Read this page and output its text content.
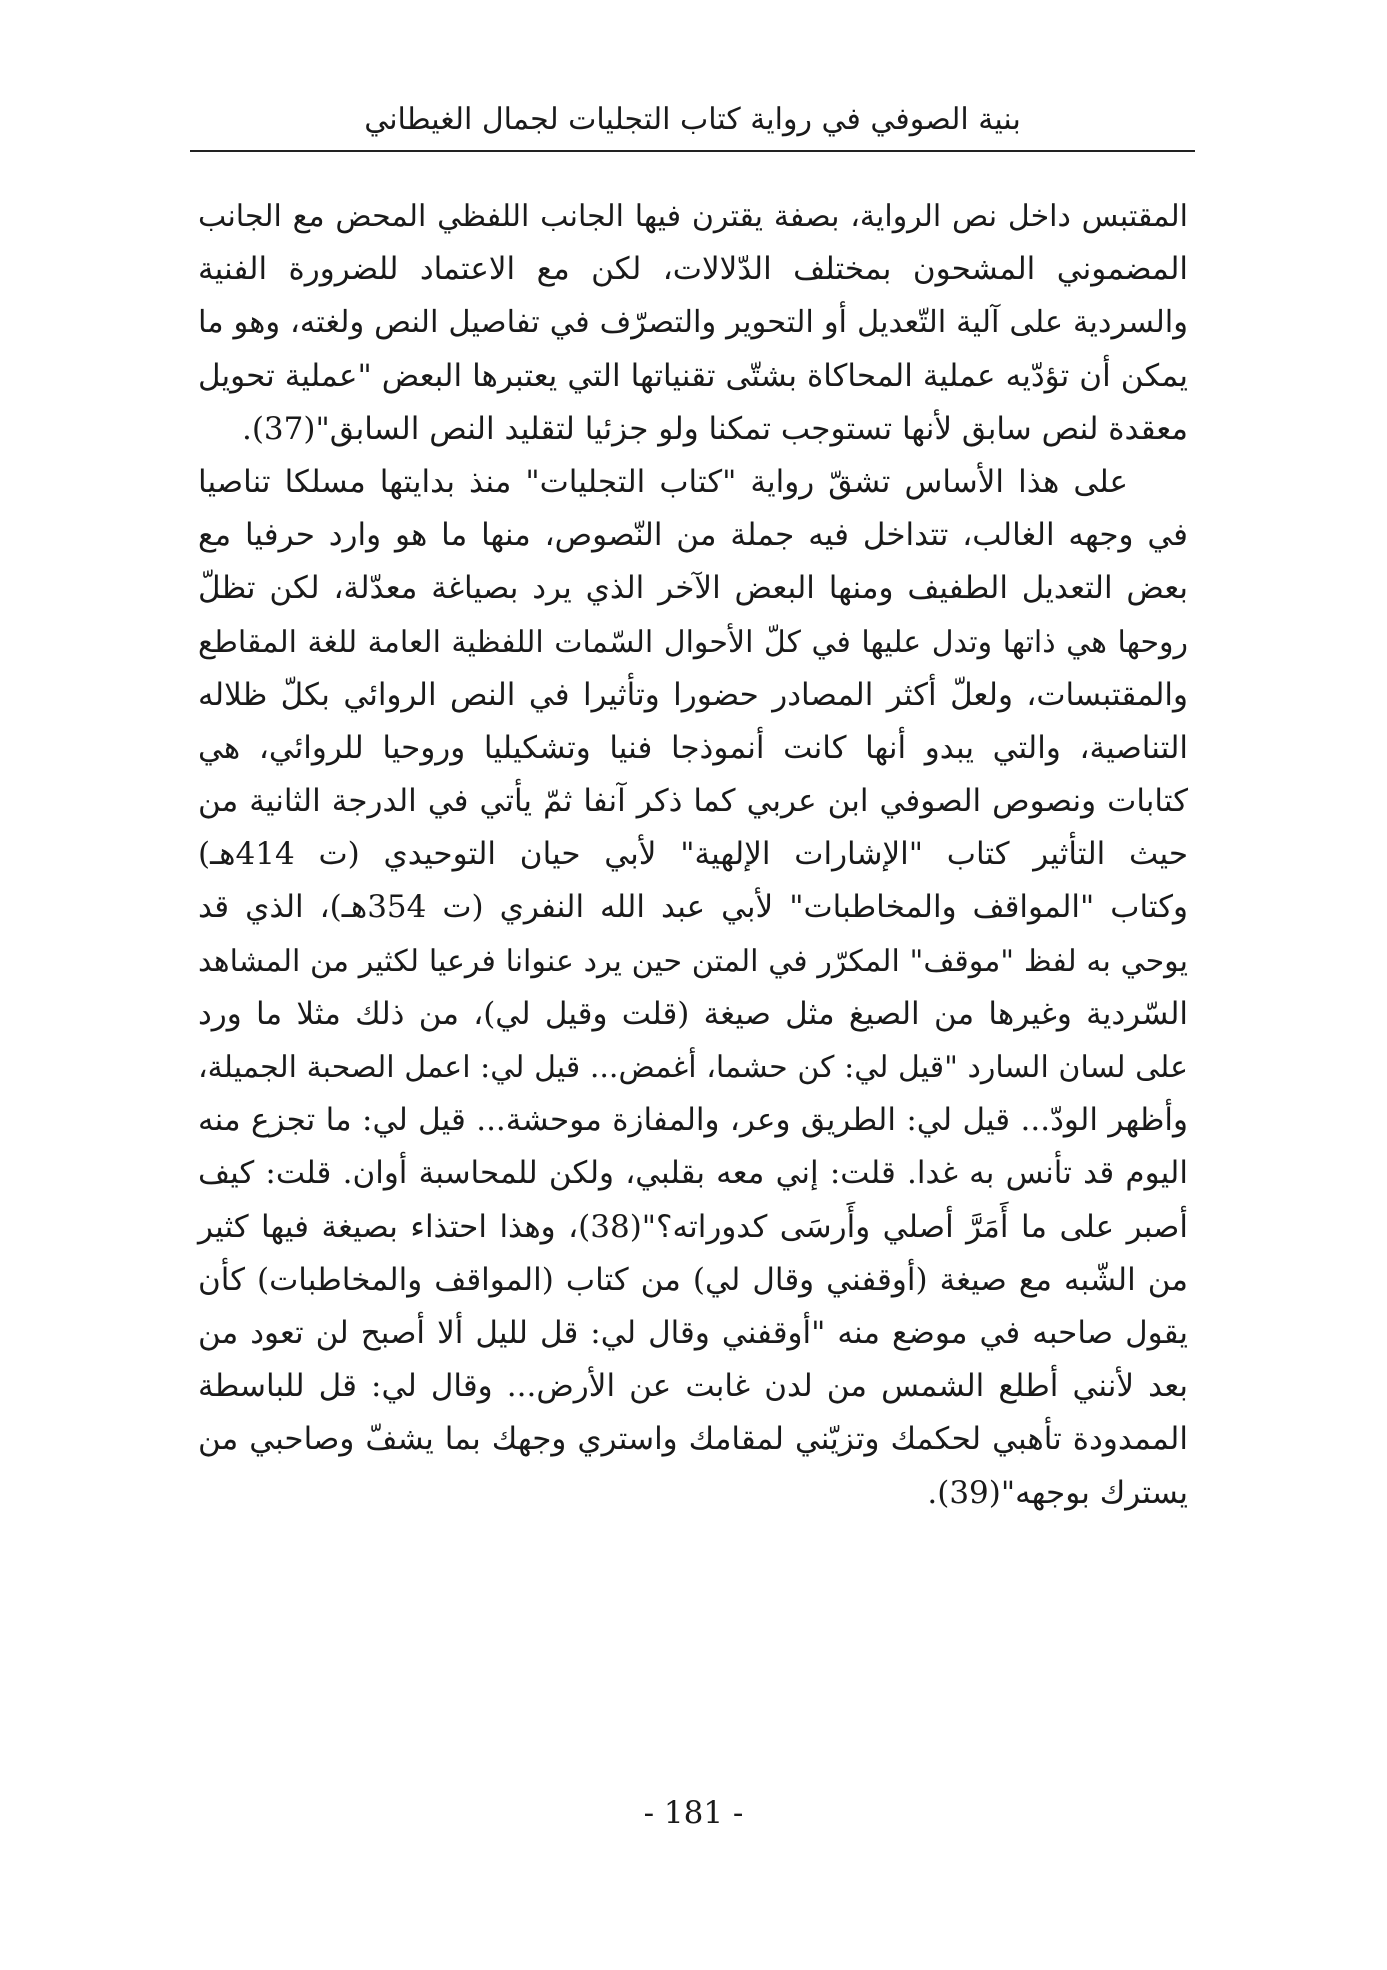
بنية الصوفي في رواية كتاب التجليات لجمال الغيطاني
المقتبس داخل نص الرواية، بصفة يقترن فيها الجانب اللفظي المحض مع الجانب
المضموني المشحون بمختلف الدّلالات، لكن مع الاعتماد للضرورة الفنية
والسردية على آلية التّعديل أو التحوير والتصرّف في تفاصيل النص ولغته، وهو ما
يمكن أن تؤدّيه عملية المحاكاة بشتّى تقنياتها التي يعتبرها البعض "عملية تحويل
معقدة لنص سابق لأنها تستوجب تمكنا ولو جزئيا لتقليد النص السابق"(37).
على هذا الأساس تشقّ رواية "كتاب التجليات" منذ بدايتها مسلكا تناصيا
في وجهه الغالب، تتداخل فيه جملة من النّصوص، منها ما هو وارد حرفيا مع
بعض التعديل الطفيف ومنها البعض الآخر الذي يرد بصياغة معدّلة، لكن تظلّ
روحها هي ذاتها وتدل عليها في كلّ الأحوال السّمات اللفظية العامة للغة المقاطع
والمقتبسات، ولعلّ أكثر المصادر حضورا وتأثيرا في النص الروائي بكلّ ظلاله
التناصية، والتي يبدو أنها كانت أنموذجا فنيا وتشكيليا وروحيا للروائي، هي
كتابات ونصوص الصوفي ابن عربي كما ذكر آنفا ثمّ يأتي في الدرجة الثانية من
حيث التأثير كتاب "الإشارات الإلهية" لأبي حيان التوحيدي (ت 414هـ)
وكتاب "المواقف والمخاطبات" لأبي عبد الله النفري (ت 354هـ)، الذي قد
يوحي به لفظ "موقف" المكرّر في المتن حين يرد عنوانا فرعيا لكثير من المشاهد
السّردية وغيرها من الصيغ مثل صيغة (قلت وقيل لي)، من ذلك مثلا ما ورد
على لسان السارد "قيل لي: كن حشما، أغمض... قيل لي: اعمل الصحبة الجميلة،
وأظهر الودّ... قيل لي: الطريق وعر، والمفازة موحشة... قيل لي: ما تجزع منه
اليوم قد تأنس به غدا. قلت: إني معه بقلبي، ولكن للمحاسبة أوان. قلت: كيف
أصبر على ما أَمَرَّ أصلي وأَرسَى كدوراته؟"(38)، وهذا احتذاء بصيغة فيها كثير
من الشّبه مع صيغة (أوقفني وقال لي) من كتاب (المواقف والمخاطبات) كأن
يقول صاحبه في موضع منه "أوقفني وقال لي: قل لليل ألا أصبح لن تعود من
بعد لأنني أطلع الشمس من لدن غابت عن الأرض... وقال لي: قل للباسطة
الممدودة تأهبي لحكمك وتزيّني لمقامك واستري وجهك بما يشفّ وصاحبي من
يسترك بوجهه"(39).
- 181 -
